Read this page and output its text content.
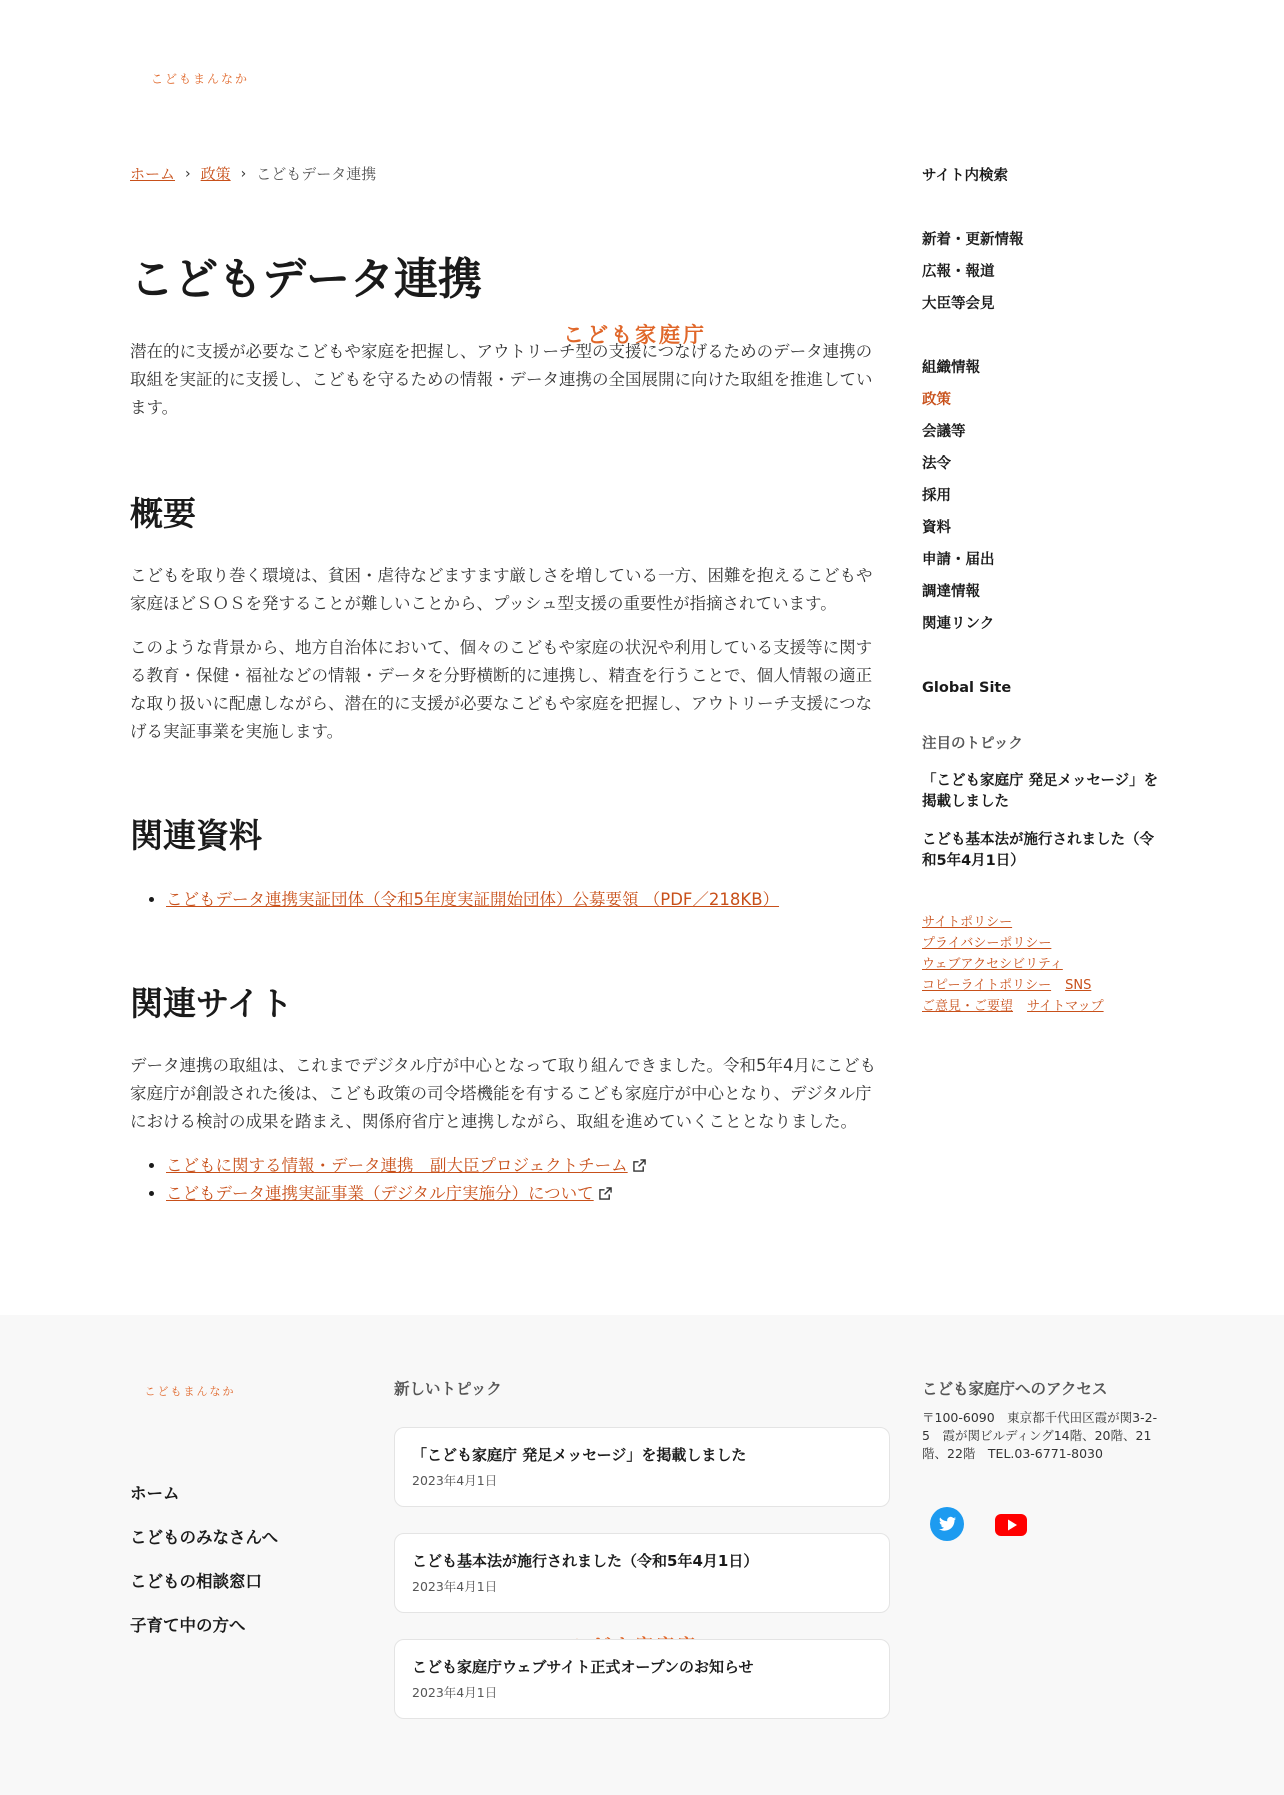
こどもまんなか
こども家庭庁
ホーム › 政策 › こどもデータ連携
こどもデータ連携

潜在的に支援が必要なこどもや家庭を把握し、アウトリーチ型の支援につなげるためのデータ連携の取組を実証的に支援し、こどもを守るための情報・データ連携の全国展開に向けた取組を推進しています。

概要

こどもを取り巻く環境は、貧困・虐待などますます厳しさを増している一方、困難を抱えるこどもや家庭ほどＳＯＳを発することが難しいことから、プッシュ型支援の重要性が指摘されています。

このような背景から、地方自治体において、個々のこどもや家庭の状況や利用している支援等に関する教育・保健・福祉などの情報・データを分野横断的に連携し、精査を行うことで、個人情報の適正な取り扱いに配慮しながら、潜在的に支援が必要なこどもや家庭を把握し、アウトリーチ支援につなげる実証事業を実施します。

関連資料
• こどもデータ連携実証団体（令和5年度実証開始団体）公募要領 （PDF／218KB）
関連サイト

データ連携の取組は、これまでデジタル庁が中心となって取り組んできました。令和5年4月にこども家庭庁が創設された後は、こども政策の司令塔機能を有するこども家庭庁が中心となり、デジタル庁における検討の成果を踏まえ、関係府省庁と連携しながら、取組を進めていくこととなりました。

• こどもに関する情報・データ連携　副大臣プロジェクトチーム
• こどもデータ連携実証事業（デジタル庁実施分）について
サイト内検索
新着・更新情報
広報・報道
大臣等会見
組織情報
政策
会議等
法令
採用
資料
申請・届出
調達情報
関連リンク
Global Site
注目のトピック
「こども家庭庁 発足メッセージ」を掲載しました
こども基本法が施行されました（令和5年4月1日）
サイトポリシー
プライバシーポリシー
ウェブアクセシビリティ
コピーライトポリシー SNS
ご意見・ご要望 サイトマップ
こどもまんなか
ホーム
こどものみなさんへ
こどもの相談窓口
子育て中の方へ
新しいトピック
「こども家庭庁 発足メッセージ」を掲載しました
2023年4月1日
こども基本法が施行されました（令和5年4月1日）
2023年4月1日
こども家庭庁ウェブサイト正式オープンのお知らせ
2023年4月1日
こども家庭庁へのアクセス
〒100-6090　東京都千代田区霞が関3-2-5　霞が関ビルディング14階、20階、21階、22階　TEL.03-6771-8030
